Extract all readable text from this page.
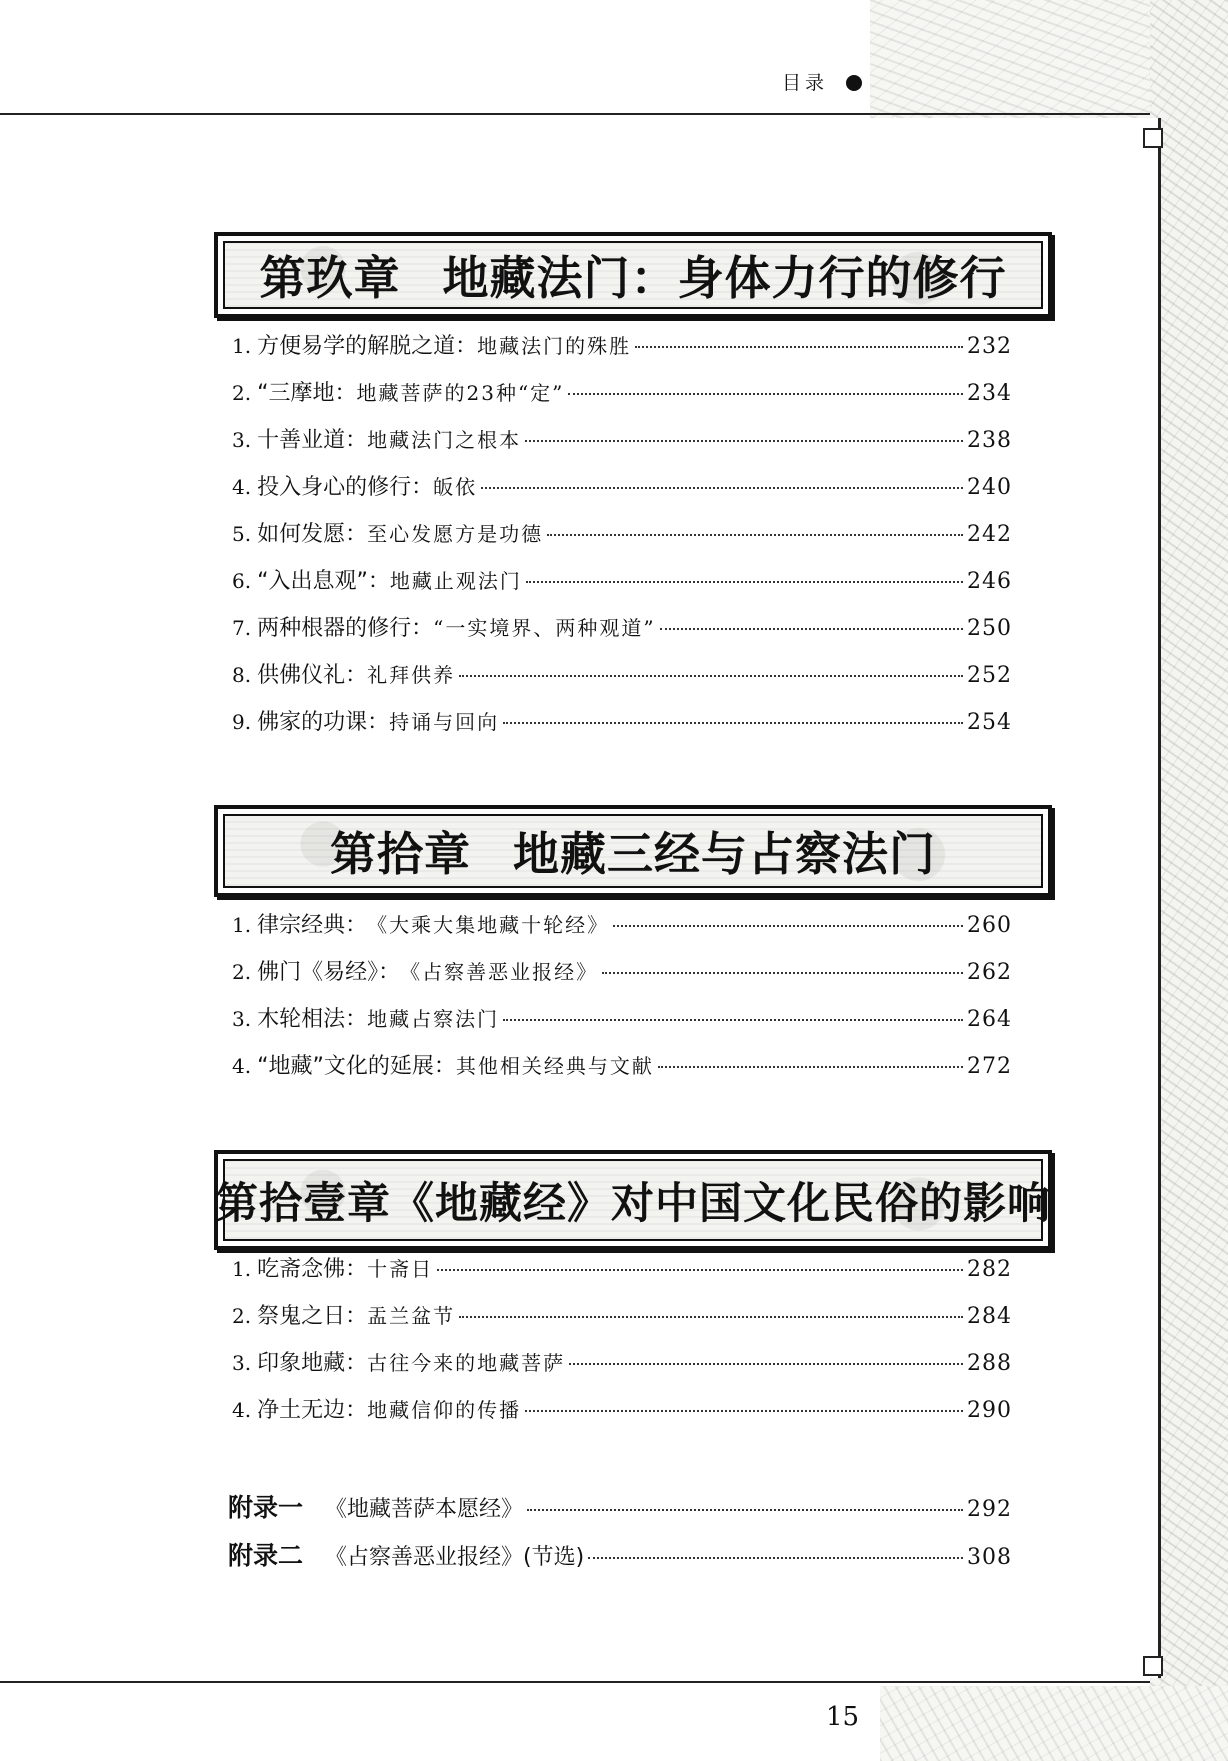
目录
第玖章 地藏法门：身体力行的修行
1. 方便易学的解脱之道： 地藏法门的殊胜	232
2. “三摩地： 地藏菩萨的23种“定”	234
3. 十善业道： 地藏法门之根本	238
4. 投入身心的修行： 皈依	240
5. 如何发愿： 至心发愿方是功德	242
6. “入出息观”： 地藏止观法门	246
7. 两种根器的修行： “一实境界、两种观道”	250
8. 供佛仪礼： 礼拜供养	252
9. 佛家的功课： 持诵与回向	254
第拾章 地藏三经与占察法门
1. 律宗经典： 《大乘大集地藏十轮经》	260
2. 佛门《易经》： 《占察善恶业报经》	262
3. 木轮相法： 地藏占察法门	264
4. “地藏”文化的延展： 其他相关经典与文献	272
第拾壹章 《地藏经》对中国文化民俗的影响
1. 吃斋念佛： 十斋日	282
2. 祭鬼之日： 盂兰盆节	284
3. 印象地藏： 古往今来的地藏菩萨	288
4. 净土无边： 地藏信仰的传播	290
附录一 《地藏菩萨本愿经》	292
附录二 《占察善恶业报经》(节选)	308
15
